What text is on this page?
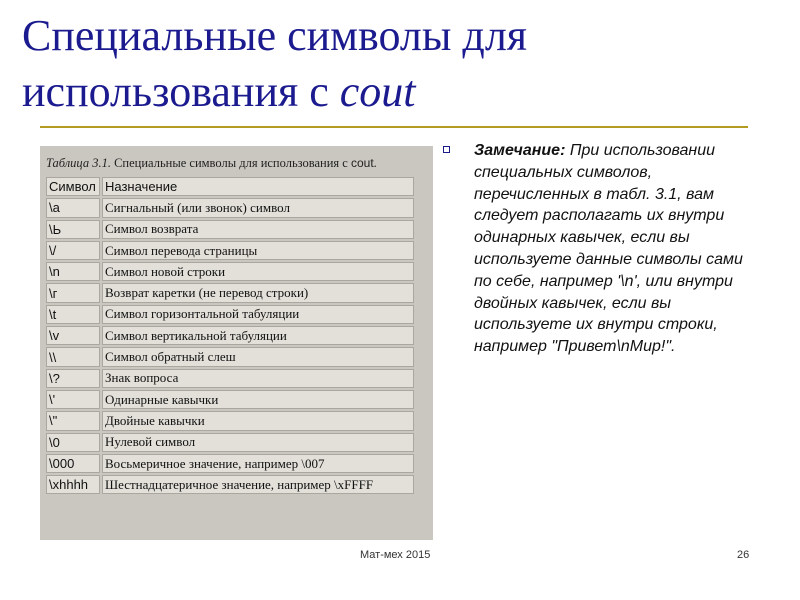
Специальные символы для
использования с cout
Таблица 3.1. Специальные символы для использования с cout.
Символ	Назначение
\a	Сигнальный (или звонок) символ
\Ь	Символ возврата
\/	Символ перевода страницы
\n	Символ новой строки
\г	Возврат каретки (не перевод строки)
\t	Символ горизонтальной табуляции
\v	Символ вертикальной табуляции
\\	Символ обратный слеш
\?	Знак вопроса
\'	Одинарные кавычки
\"	Двойные кавычки
\0	Нулевой символ
\000	Восьмеричное значение, например \007
\xhhhh	Шестнадцатеричное значение, например \xFFFF
Замечание: При использовании специальных символов, перечисленных в табл. 3.1, вам следует располагать их внутри одинарных кавычек, если вы используете данные символы сами по себе, например '\n', или внутри двойных кавычек, если вы используете их внутри строки, например "Привет\nМир!".
Мат-мех 2015	26
